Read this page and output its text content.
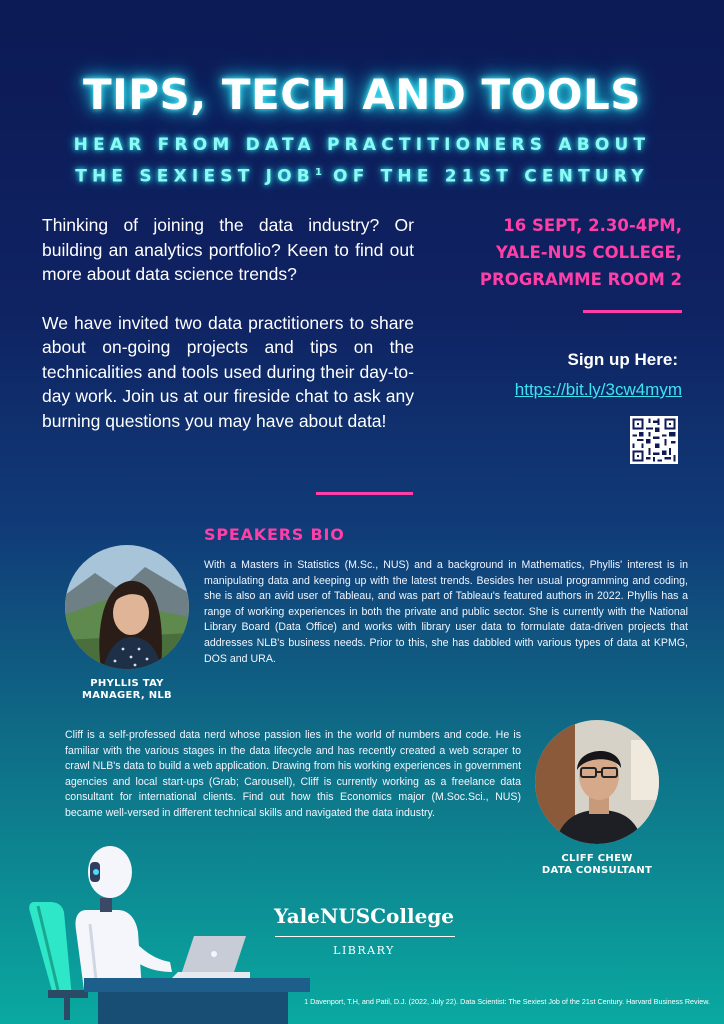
TIPS, TECH AND TOOLS
HEAR FROM DATA PRACTITIONERS ABOUT
THE SEXIEST JOB$^1$ OF THE 21ST CENTURY

Thinking of joining the data industry? Or building an analytics portfolio? Keen to find out more about data science trends?

We have invited two data practitioners to share about on-going projects and tips on the technicalities and tools used during their day-to-day work. Join us at our fireside chat to ask any burning questions you may have about data!

16 SEPT, 2.30-4PM,
YALE-NUS COLLEGE,
PROGRAMME ROOM 2
Sign up Here:
https://bit.ly/3cw4mym
SPEAKERS BIO
With a Masters in Statistics (M.Sc., NUS) and a background in Mathematics, Phyllis' interest is in manipulating data and keeping up with the latest trends. Besides her usual programming and coding, she is also an avid user of Tableau, and was part of Tableau's featured authors in 2022. Phyllis has a range of working experiences in both the private and public sector. She is currently with the National Library Board (Data Office) and works with library user data to formulate data-driven projects that addresses NLB's business needs. Prior to this, she has dabbled with various types of data at KPMG, DOS and URA.
PHYLLIS TAY
MANAGER, NLB
Cliff is a self-professed data nerd whose passion lies in the world of numbers and code. He is familiar with the various stages in the data lifecycle and has recently created a web scraper to crawl NLB's data to build a web application. Drawing from his working experiences in government agencies and local start-ups (Grab; Carousell), Cliff is currently working as a freelance data consultant for international clients. Find out how this Economics major (M.Soc.Sci., NUS) became well-versed in different technical skills and navigated the data industry.
CLIFF CHEW
DATA CONSULTANT
YaleNUSCollege
LIBRARY
1 Davenport, T.H, and Patil, D.J. (2022, July 22). Data Scientist: The Sexiest Job of the 21st Century. Harvard Business Review.
